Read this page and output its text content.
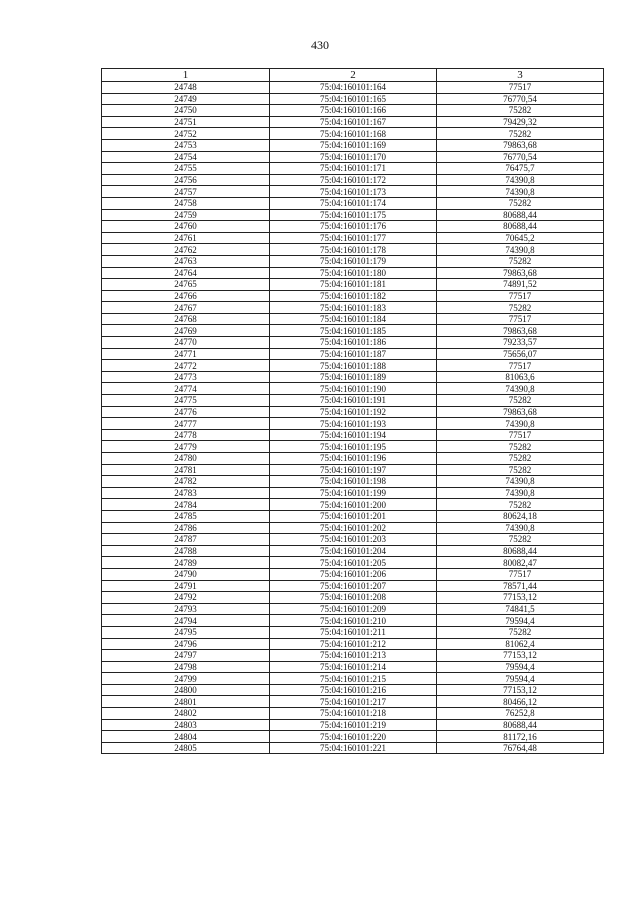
430
1	2	3
24748	75:04:160101:164	77517
24749	75:04:160101:165	76770,54
24750	75:04:160101:166	75282
24751	75:04:160101:167	79429,32
24752	75:04:160101:168	75282
24753	75:04:160101:169	79863,68
24754	75:04:160101:170	76770,54
24755	75:04:160101:171	76475,7
24756	75:04:160101:172	74390,8
24757	75:04:160101:173	74390,8
24758	75:04:160101:174	75282
24759	75:04:160101:175	80688,44
24760	75:04:160101:176	80688,44
24761	75:04:160101:177	70645,2
24762	75:04:160101:178	74390,8
24763	75:04:160101:179	75282
24764	75:04:160101:180	79863,68
24765	75:04:160101:181	74891,52
24766	75:04:160101:182	77517
24767	75:04:160101:183	75282
24768	75:04:160101:184	77517
24769	75:04:160101:185	79863,68
24770	75:04:160101:186	79233,57
24771	75:04:160101:187	75656,07
24772	75:04:160101:188	77517
24773	75:04:160101:189	81063,6
24774	75:04:160101:190	74390,8
24775	75:04:160101:191	75282
24776	75:04:160101:192	79863,68
24777	75:04:160101:193	74390,8
24778	75:04:160101:194	77517
24779	75:04:160101:195	75282
24780	75:04:160101:196	75282
24781	75:04:160101:197	75282
24782	75:04:160101:198	74390,8
24783	75:04:160101:199	74390,8
24784	75:04:160101:200	75282
24785	75:04:160101:201	80624,18
24786	75:04:160101:202	74390,8
24787	75:04:160101:203	75282
24788	75:04:160101:204	80688,44
24789	75:04:160101:205	80082,47
24790	75:04:160101:206	77517
24791	75:04:160101:207	78571,44
24792	75:04:160101:208	77153,12
24793	75:04:160101:209	74841,5
24794	75:04:160101:210	79594,4
24795	75:04:160101:211	75282
24796	75:04:160101:212	81062,4
24797	75:04:160101:213	77153,12
24798	75:04:160101:214	79594,4
24799	75:04:160101:215	79594,4
24800	75:04:160101:216	77153,12
24801	75:04:160101:217	80466,12
24802	75:04:160101:218	76252,8
24803	75:04:160101:219	80688,44
24804	75:04:160101:220	81172,16
24805	75:04:160101:221	76764,48
